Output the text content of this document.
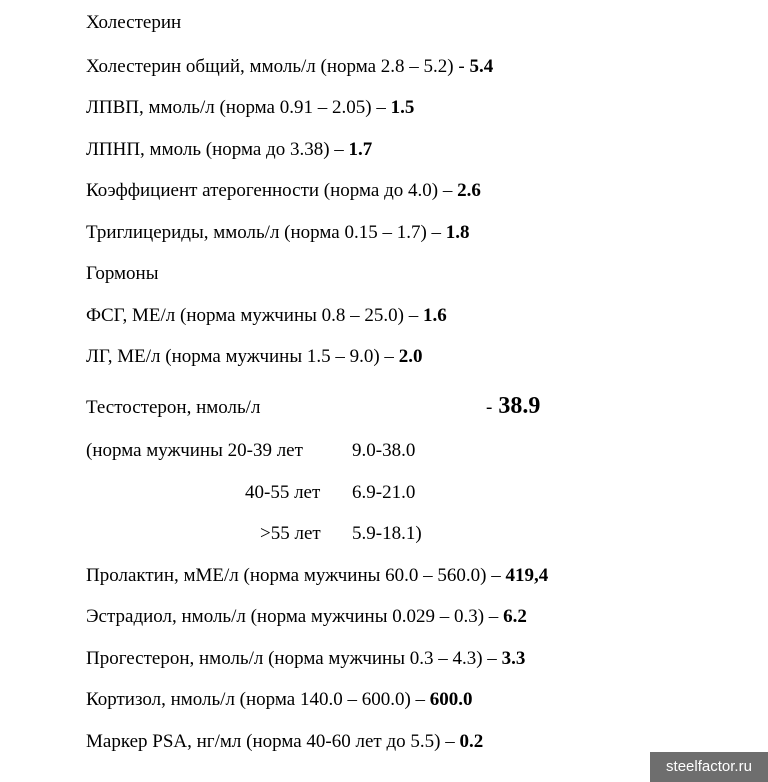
Холестерин
Холестерин общий, ммоль/л (норма 2.8 – 5.2) - 5.4
ЛПВП, ммоль/л (норма 0.91 – 2.05) – 1.5
ЛПНП, ммоль (норма до 3.38) – 1.7
Коэффициент атерогенности (норма до 4.0) – 2.6
Триглицериды, ммоль/л (норма 0.15 – 1.7) – 1.8
Гормоны
ФСГ, МЕ/л (норма мужчины 0.8 – 25.0) – 1.6
ЛГ, МЕ/л (норма мужчины 1.5 – 9.0) – 2.0
Тестостерон, нмоль/л	- 38.9
(норма мужчины 20-39 лет	9.0-38.0
40-55 лет 6.9-21.0
>55 лет 5.9-18.1)
Пролактин, мМЕ/л (норма мужчины 60.0 – 560.0) – 419,4
Эстрадиол, нмоль/л (норма мужчины 0.029 – 0.3) – 6.2
Прогестерон, нмоль/л (норма мужчины 0.3 – 4.3) – 3.3
Кортизол, нмоль/л (норма 140.0 – 600.0) – 600.0
Маркер PSA, нг/мл (норма 40-60 лет до 5.5) – 0.2
steelfactor.ru
